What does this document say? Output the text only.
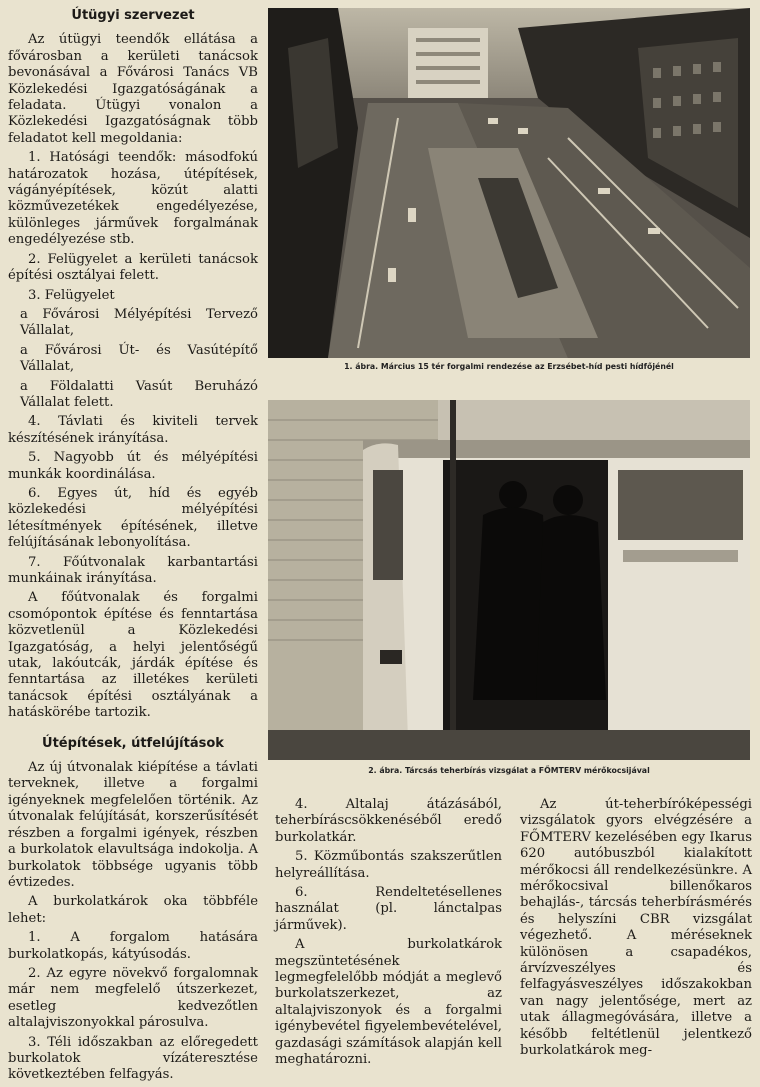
Útügyi szervezet

Az útügyi teendők ellátása a fővárosban a kerületi tanácsok bevonásával a Fővárosi Tanács VB Közlekedési Igazgatóságának a feladata. Útügyi vonalon a Közlekedési Igazgatóságnak több feladatot kell megoldania:

1. Hatósági teendők: másodfokú határozatok hozása, útépítések, vágányépítések, közút alatti közművezetékek engedélyezése, különleges járművek forgalmának engedélyezése stb.

2. Felügyelet a kerületi tanácsok építési osztályai felett.

3. Felügyelet

a Fővárosi Mélyépítési Tervező Vállalat,

a Fővárosi Út- és Vasútépítő Vállalat,

a Földalatti Vasút Beruházó Vállalat felett.

4. Távlati és kiviteli tervek készítésének irányítása.

5. Nagyobb út és mélyépítési munkák koordinálása.

6. Egyes út, híd és egyéb közlekedési mélyépítési létesítmények építésének, illetve felújításának lebonyolítása.

7. Főútvonalak karbantartási munkáinak irányítása.

A főútvonalak és forgalmi csomópontok építése és fenntartása közvetlenül a Közlekedési Igazgatóság, a helyi jelentőségű utak, lakóutcák, járdák építése és fenntartása az illetékes kerületi tanácsok építési osztályának a hatáskörébe tartozik.

Útépítések, útfelújítások

Az új útvonalak kiépítése a távlati terveknek, illetve a forgalmi igényeknek megfelelően történik. Az útvonalak felújítását, korszerűsítését részben a forgalmi igények, részben a burkolatok elavultsága indokolja. A burkolatok többsége ugyanis több évtizedes.

A burkolatkárok oka többféle lehet:

1. A forgalom hatására burkolatkopás, kátyúsodás.

2. Az egyre növekvő forgalomnak már nem megfelelő útszerkezet, esetleg kedvezőtlen altalajviszonyokkal párosulva.

3. Téli időszakban az előregedett burkolatok vízáteresztése következtében felfagyás.

1. ábra. Március 15 tér forgalmi rendezése az Erzsébet-híd pesti hídfőjénél
2. ábra. Tárcsás teherbírás vizsgálat a FŐMTERV mérőkocsijával

4. Altalaj átázásából, teherbíráscsökkenéséből eredő burkolatkár.

5. Közműbontás szakszerűtlen helyreállítása.

6. Rendeltetésellenes használat (pl. lánctalpas járművek).

A burkolatkárok megszüntetésének legmegfelelőbb módját a meglevő burkolatszerkezet, az altalajviszonyok és a forgalmi igénybevétel figyelembevételével, gazdasági számítások alapján kell meghatározni.

Az út-teherbíróképességi vizsgálatok gyors elvégzésére a FŐMTERV kezelésében egy Ikarus 620 autóbuszból kialakított mérőkocsi áll rendelkezésünkre. A mérőkocsival billenőkaros behajlás-, tárcsás teherbírásmérés és helyszíni CBR vizsgálat végezhető. A méréseknek különösen a csapadékos, árvízveszélyes és felfagyásveszélyes időszakokban van nagy jelentősége, mert az utak állagmegóvására, illetve a később feltétlenül jelentkező burkolatkárok meg-
